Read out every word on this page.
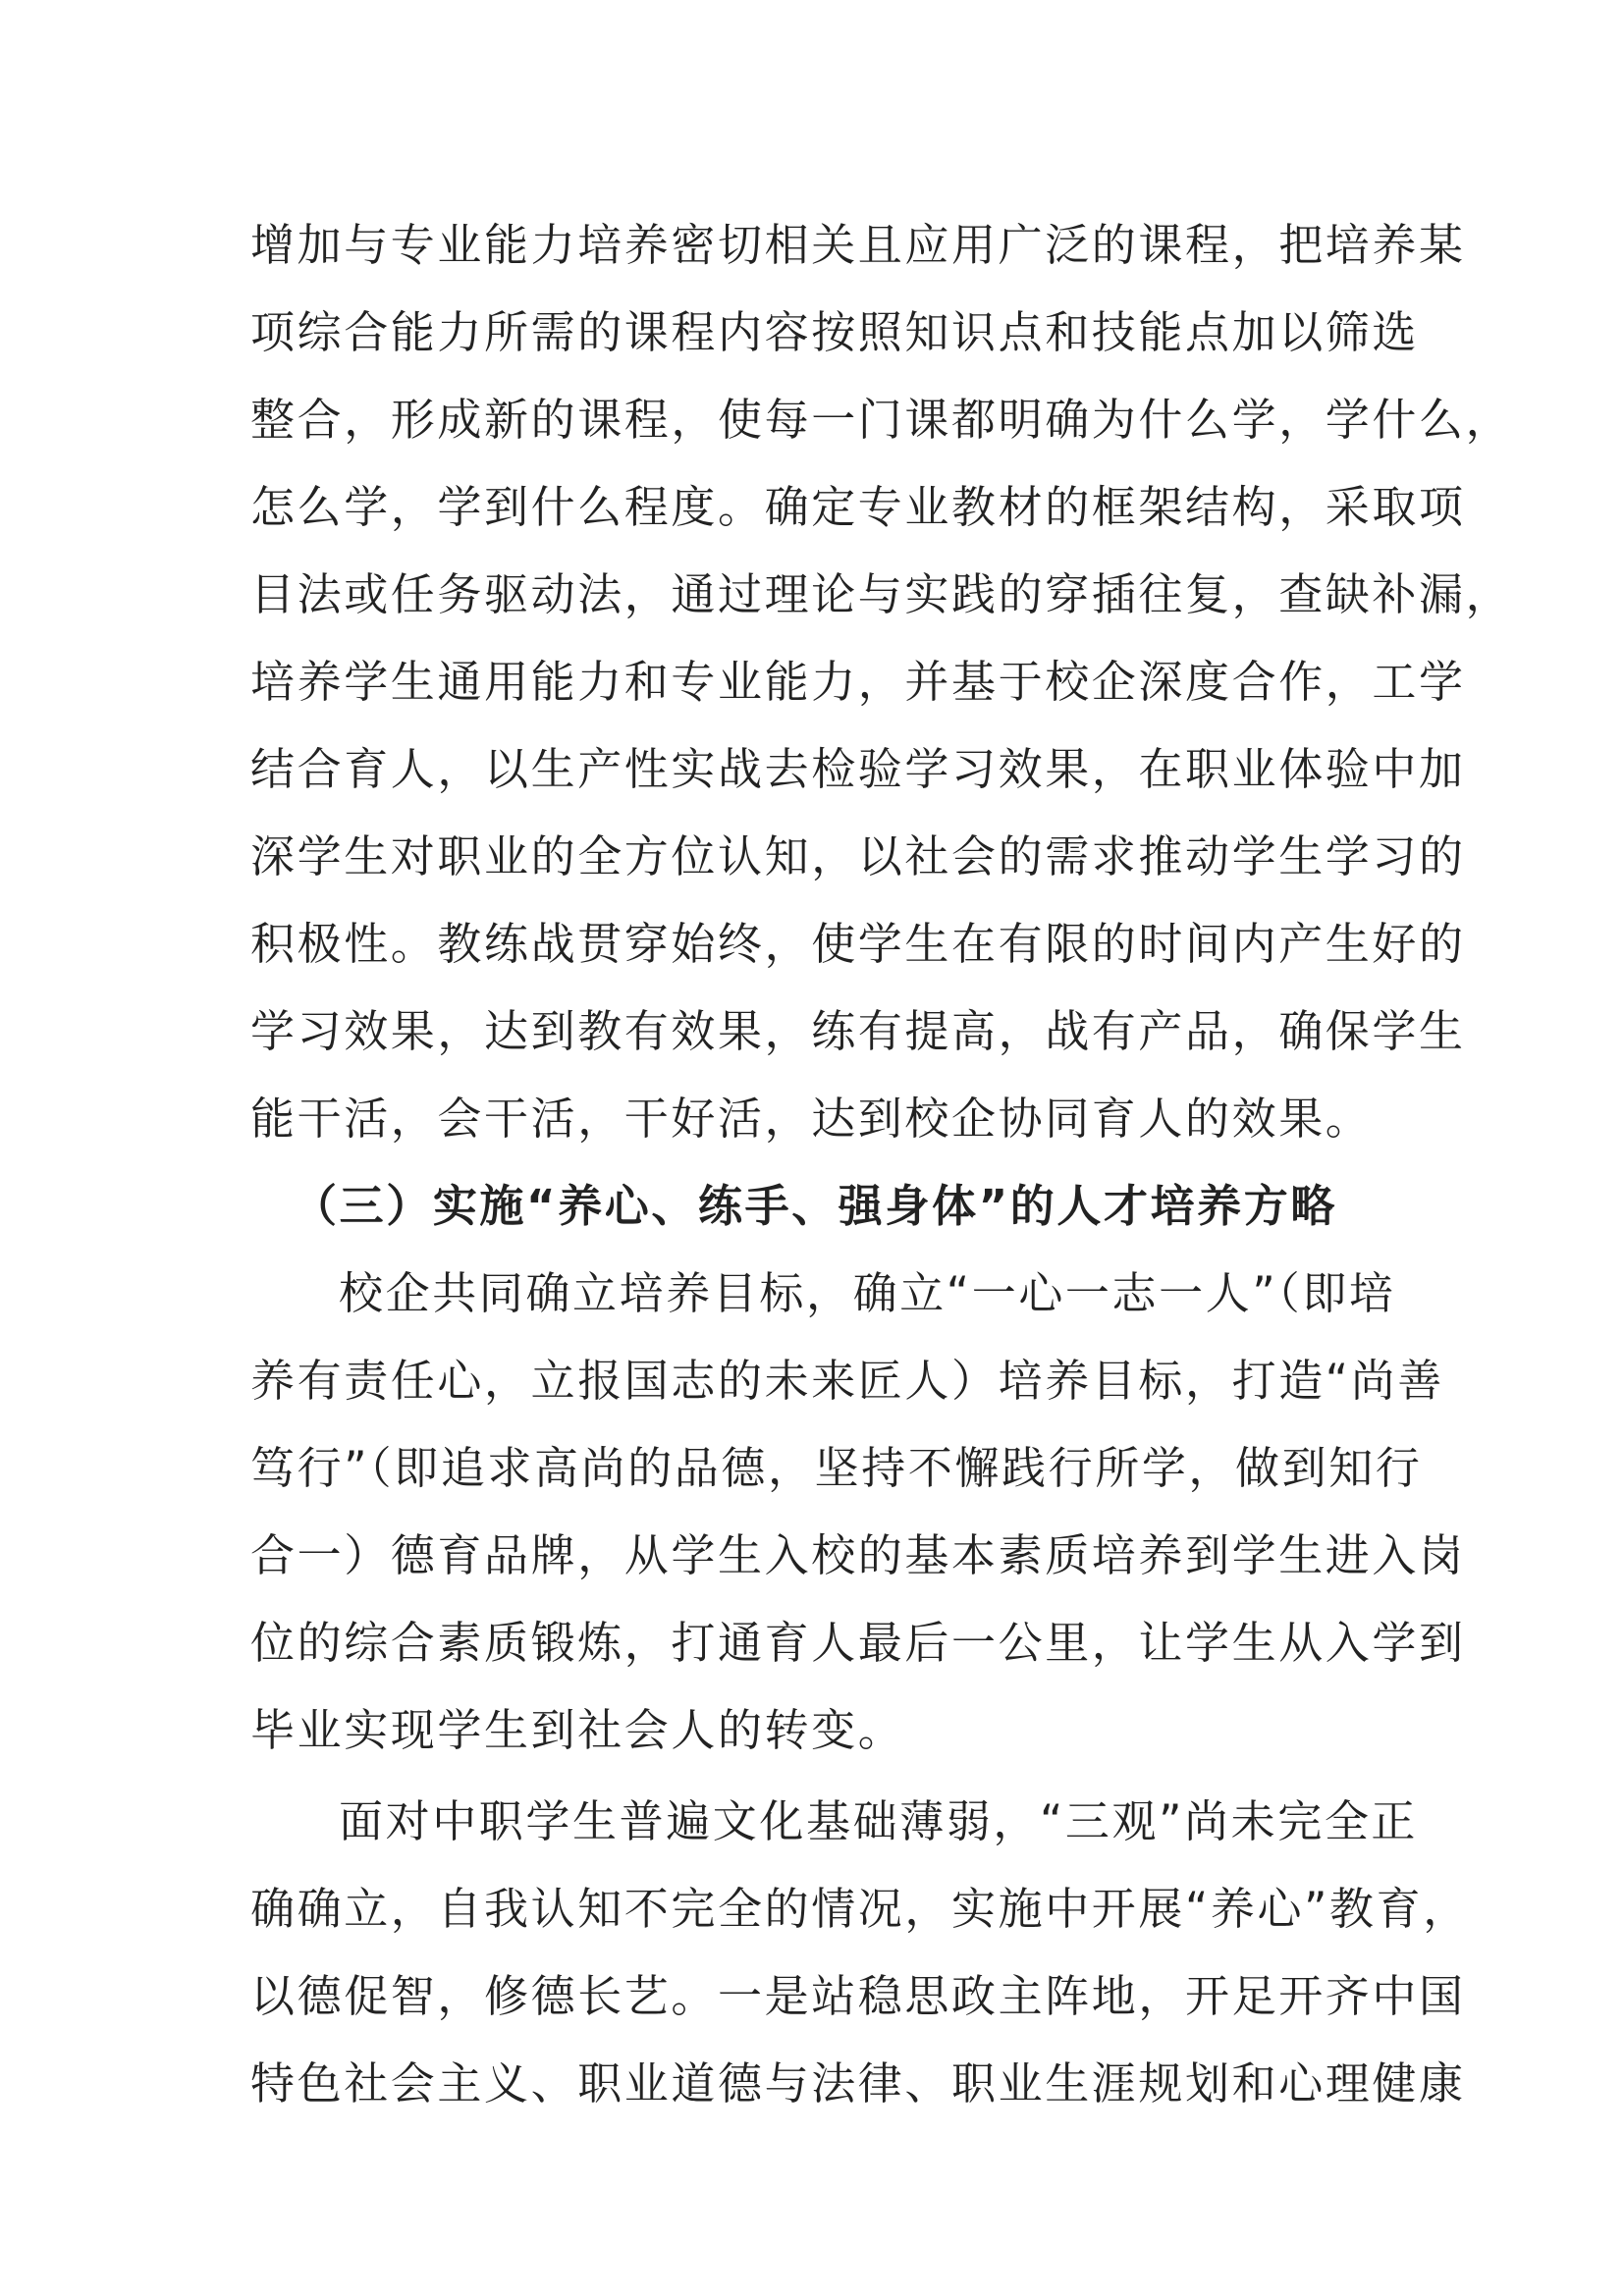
增加与专业能力培养密切相关且应用广泛的课程，把培养某
项综合能力所需的课程内容按照知识点和技能点加以筛选
整合，形成新的课程，使每一门课都明确为什么学，学什么，
怎么学，学到什么程度。确定专业教材的框架结构，采取项
目法或任务驱动法，通过理论与实践的穿插往复，查缺补漏，
培养学生通用能力和专业能力，并基于校企深度合作，工学
结合育人，以生产性实战去检验学习效果，在职业体验中加
深学生对职业的全方位认知，以社会的需求推动学生学习的
积极性。教练战贯穿始终，使学生在有限的时间内产生好的
学习效果，达到教有效果，练有提高，战有产品，确保学生
能干活，会干活，干好活，达到校企协同育人的效果。
（三）实施“养心、练手、强身体”的人才培养方略
校企共同确立培养目标，确立“一心一志一人”（即培
养有责任心，立报国志的未来匠人）培养目标，打造“尚善
笃行”（即追求高尚的品德，坚持不懈践行所学，做到知行
合一）德育品牌，从学生入校的基本素质培养到学生进入岗
位的综合素质锻炼，打通育人最后一公里，让学生从入学到
毕业实现学生到社会人的转变。
面对中职学生普遍文化基础薄弱，“三观”尚未完全正
确确立，自我认知不完全的情况，实施中开展“养心”教育，
以德促智，修德长艺。一是站稳思政主阵地，开足开齐中国
特色社会主义、职业道德与法律、职业生涯规划和心理健康
